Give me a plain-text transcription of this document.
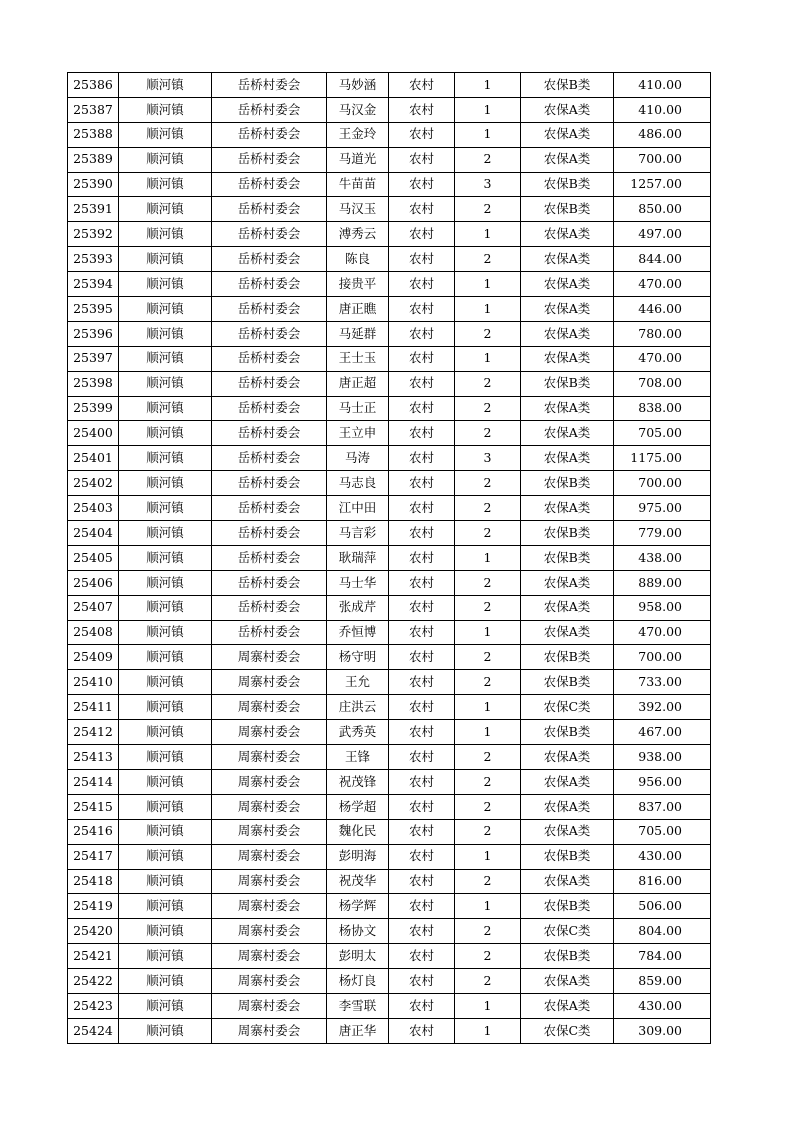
25386	顺河镇	岳桥村委会	马妙涵	农村	1	农保B类	410.00
25387	顺河镇	岳桥村委会	马汉金	农村	1	农保A类	410.00
25388	顺河镇	岳桥村委会	王金玲	农村	1	农保A类	486.00
25389	顺河镇	岳桥村委会	马道光	农村	2	农保A类	700.00
25390	顺河镇	岳桥村委会	牛苗苗	农村	3	农保B类	1257.00
25391	顺河镇	岳桥村委会	马汉玉	农村	2	农保B类	850.00
25392	顺河镇	岳桥村委会	溥秀云	农村	1	农保A类	497.00
25393	顺河镇	岳桥村委会	陈良	农村	2	农保A类	844.00
25394	顺河镇	岳桥村委会	接贵平	农村	1	农保A类	470.00
25395	顺河镇	岳桥村委会	唐正瞧	农村	1	农保A类	446.00
25396	顺河镇	岳桥村委会	马延群	农村	2	农保A类	780.00
25397	顺河镇	岳桥村委会	王士玉	农村	1	农保A类	470.00
25398	顺河镇	岳桥村委会	唐正超	农村	2	农保B类	708.00
25399	顺河镇	岳桥村委会	马士正	农村	2	农保A类	838.00
25400	顺河镇	岳桥村委会	王立申	农村	2	农保A类	705.00
25401	顺河镇	岳桥村委会	马涛	农村	3	农保A类	1175.00
25402	顺河镇	岳桥村委会	马志良	农村	2	农保B类	700.00
25403	顺河镇	岳桥村委会	江中田	农村	2	农保A类	975.00
25404	顺河镇	岳桥村委会	马言彩	农村	2	农保B类	779.00
25405	顺河镇	岳桥村委会	耿瑞萍	农村	1	农保B类	438.00
25406	顺河镇	岳桥村委会	马士华	农村	2	农保A类	889.00
25407	顺河镇	岳桥村委会	张成芹	农村	2	农保A类	958.00
25408	顺河镇	岳桥村委会	乔恒博	农村	1	农保A类	470.00
25409	顺河镇	周寨村委会	杨守明	农村	2	农保B类	700.00
25410	顺河镇	周寨村委会	王允	农村	2	农保B类	733.00
25411	顺河镇	周寨村委会	庄洪云	农村	1	农保C类	392.00
25412	顺河镇	周寨村委会	武秀英	农村	1	农保B类	467.00
25413	顺河镇	周寨村委会	王锋	农村	2	农保A类	938.00
25414	顺河镇	周寨村委会	祝茂锋	农村	2	农保A类	956.00
25415	顺河镇	周寨村委会	杨学超	农村	2	农保A类	837.00
25416	顺河镇	周寨村委会	魏化民	农村	2	农保A类	705.00
25417	顺河镇	周寨村委会	彭明海	农村	1	农保B类	430.00
25418	顺河镇	周寨村委会	祝茂华	农村	2	农保A类	816.00
25419	顺河镇	周寨村委会	杨学辉	农村	1	农保B类	506.00
25420	顺河镇	周寨村委会	杨协文	农村	2	农保C类	804.00
25421	顺河镇	周寨村委会	彭明太	农村	2	农保B类	784.00
25422	顺河镇	周寨村委会	杨灯良	农村	2	农保A类	859.00
25423	顺河镇	周寨村委会	李雪联	农村	1	农保A类	430.00
25424	顺河镇	周寨村委会	唐正华	农村	1	农保C类	309.00
